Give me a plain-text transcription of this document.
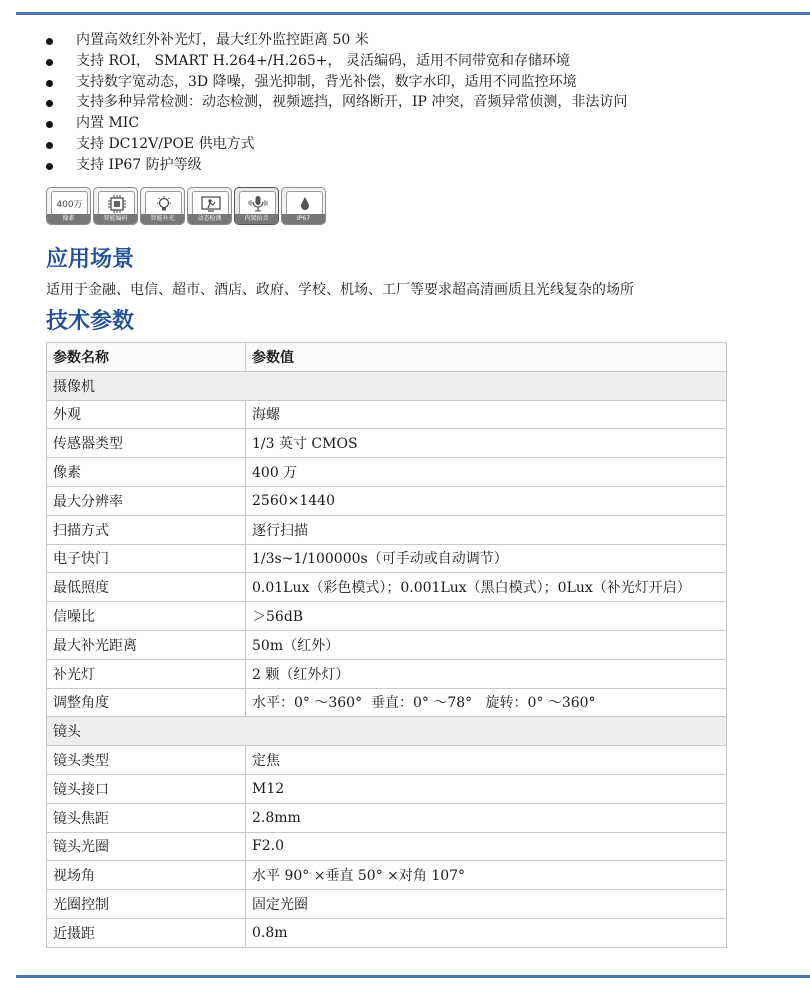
内置高效红外补光灯，最大红外监控距离 50 米
支持 ROI， SMART H.264+/H.265+， 灵活编码，适用不同带宽和存储环境
支持数字宽动态，3D 降噪，强光抑制，背光补偿，数字水印，适用不同监控环境
支持多种异常检测：动态检测，视频遮挡，网络断开，IP 冲突，音频异常侦测，非法访问
内置 MIC
支持 DC12V/POE 供电方式
支持 IP67 防护等级
400万
像素	智能编码	智能补光	动态检测	内置拾音	IP67
应用场景
适用于金融、电信、超市、酒店、政府、学校、机场、工厂等要求超高清画质且光线复杂的场所
技术参数
参数名称	参数值
摄像机	
外观	海螺
传感器类型	1/3 英寸 CMOS
像素	400 万
最大分辨率	2560×1440
扫描方式	逐行扫描
电子快门	1/3s~1/100000s（可手动或自动调节）
最低照度	0.01Lux（彩色模式）；0.001Lux（黑白模式）；0Lux（补光灯开启）
信噪比	＞56dB
最大补光距离	50m（红外）
补光灯	2 颗（红外灯）
调整角度	水平：0° ～360°  垂直：0° ～78°   旋转：0° ～360°
镜头	
镜头类型	定焦
镜头接口	M12
镜头焦距	2.8mm
镜头光圈	F2.0
视场角	水平 90° ×垂直 50° ×对角 107°
光圈控制	固定光圈
近摄距	0.8m
